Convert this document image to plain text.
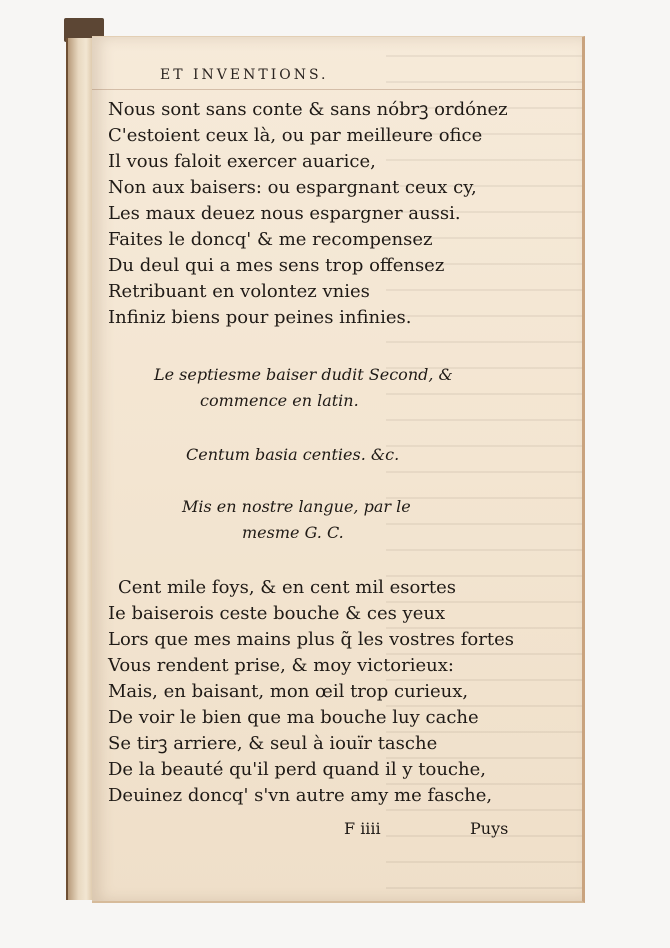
ET INVENTIONS.
Nous sont sans conte & sans nóbrꝫ ordónez
C'estoient ceux là, ou par meilleure ofice
Il vous faloit exercer auarice,
Non aux baisers: ou espargnant ceux cy,
Les maux deuez nous espargner aussi.
Faites le doncq' & me recompensez
Du deul qui a mes sens trop offensez
Retribuant en volontez vnies
Infiniz biens pour peines infinies.
Le septiesme baiser dudit Second, &
commence en latin.
Centum basia centies. &c.
Mis en nostre langue, par le
mesme G. C.
Cent mile foys, & en cent mil esortes
Ie baiserois ceste bouche & ces yeux
Lors que mes mains plus q̃ les vostres fortes
Vous rendent prise, & moy victorieux:
Mais, en baisant, mon œil trop curieux,
De voir le bien que ma bouche luy cache
Se tirꝫ arriere, & seul à iouïr tasche
De la beauté qu'il perd quand il y touche,
Deuinez doncq' s'vn autre amy me fasche,
F iiii	Puys
